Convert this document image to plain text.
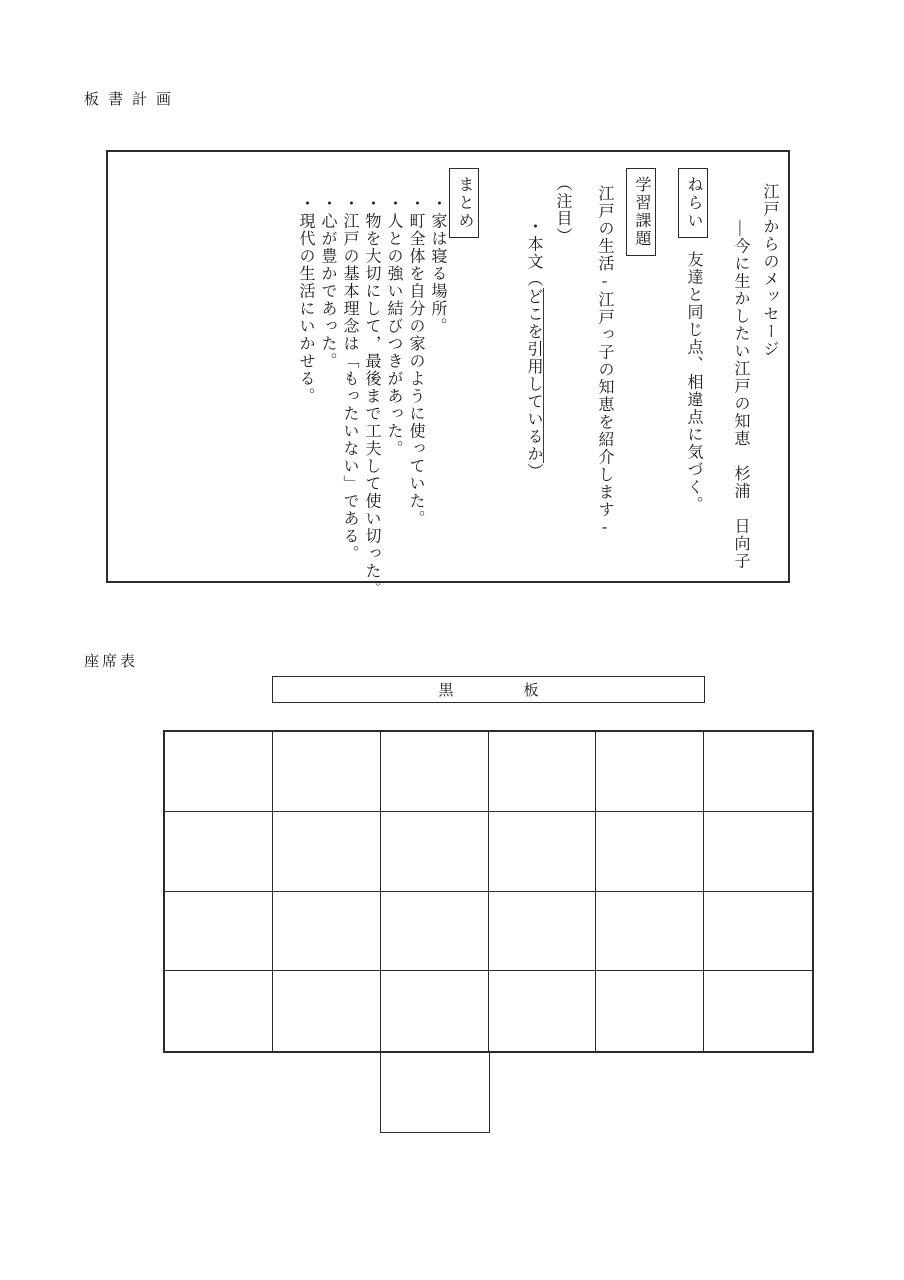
板書計画
江戸からのメッセージ
―今に生かしたい江戸の知恵　杉浦　日向子
ねらい友達と同じ点、相違点に気づく。
学習課題
江戸の生活-江戸っ子の知恵を紹介します-
（注目）
・本文（どこを引用しているか）
まとめ
・家は寝る場所。
・町全体を自分の家のように使っていた。
・人との強い結びつきがあった。
・物を大切にして，最後まで工夫して使い切った。
・江戸の基本理念は「もったいない」である。
・心が豊かであった。
・現代の生活にいかせる。
座席表
黒	板
